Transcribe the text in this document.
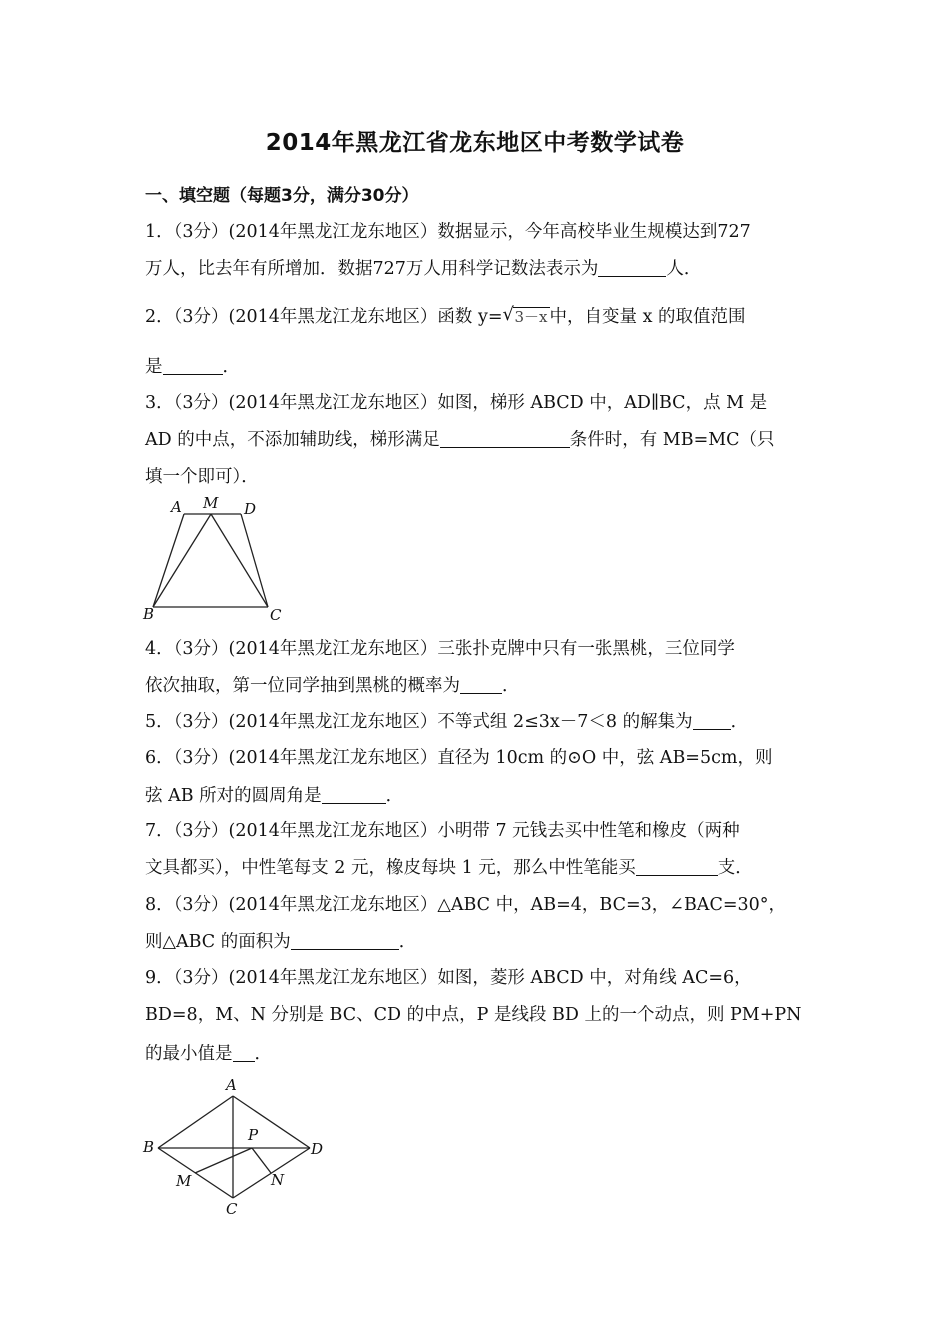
2014年黑龙江省龙东地区中考数学试卷
一、填空题（每题3分，满分30分）
1．（3分）(2014年黑龙江龙东地区）数据显示，今年高校毕业生规模达到727
万人，比去年有所增加．数据727万人用科学记数法表示为	人．
2．（3分）(2014年黑龙江龙东地区）函数 y= √ 3－x 中，自变量 x 的取值范围
是	．
3．（3分）(2014年黑龙江龙东地区）如图，梯形 ABCD 中，AD∥BC，点 M 是
AD 的中点，不添加辅助线，梯形满足	条件时，有 MB=MC（只
填一个即可）．
A M D
B	C
4．（3分）(2014年黑龙江龙东地区）三张扑克牌中只有一张黑桃，三位同学
依次抽取，第一位同学抽到黑桃的概率为 ．
5．（3分）(2014年黑龙江龙东地区）不等式组 2≤3x－7＜8 的解集为 ．
6．（3分）(2014年黑龙江龙东地区）直径为 10cm 的⊙O 中，弦 AB=5cm，则
弦 AB 所对的圆周角是	．
7．（3分）(2014年黑龙江龙东地区）小明带 7 元钱去买中性笔和橡皮（两种
文具都买），中性笔每支 2 元，橡皮每块 1 元，那么中性笔能买	支．
8．（3分）(2014年黑龙江龙东地区）△ABC 中，AB=4，BC=3，∠BAC=30°，
则△ABC 的面积为	．
9．（3分）(2014年黑龙江龙东地区）如图，菱形 ABCD 中，对角线 AC=6，
BD=8，M、N 分别是 BC、CD 的中点，P 是线段 BD 上的一个动点，则 PM+PN
的最小值是 ．
A
B
P
D
M	N
C
